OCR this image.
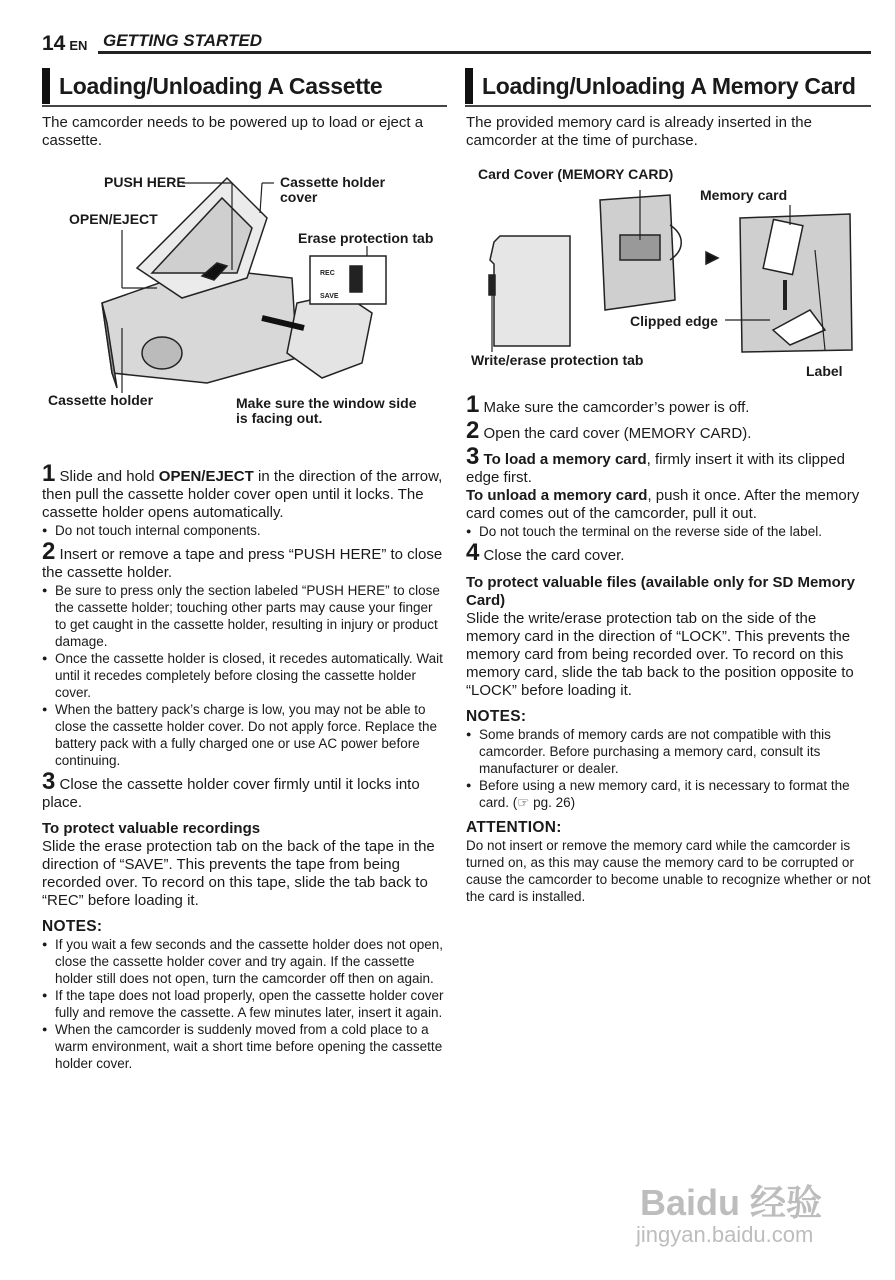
14 EN GETTING STARTED
Loading/Unloading A Cassette
The camcorder needs to be powered up to load or eject a cassette.
REC
SAVE
PUSH HERE
OPEN/EJECT
Cassette holder
cover
Erase protection tab
Cassette holder	Make sure the window side
is facing out.

1 Slide and hold OPEN/EJECT in the direction of the arrow, then pull the cassette holder cover open until it locks. The cassette holder opens automatically.

● Do not touch internal components.

2 Insert or remove a tape and press “PUSH HERE” to close the cassette holder.

● Be sure to press only the section labeled “PUSH HERE” to close the cassette holder; touching other parts may cause your finger to get caught in the cassette holder, resulting in injury or product damage.
● Once the cassette holder is closed, it recedes automatically. Wait until it recedes completely before closing the cassette holder cover.
● When the battery pack’s charge is low, you may not be able to close the cassette holder cover. Do not apply force. Replace the battery pack with a fully charged one or use AC power before continuing.

3 Close the cassette holder cover firmly until it locks into place.

To protect valuable recordings

Slide the erase protection tab on the back of the tape in the direction of “SAVE”. This prevents the tape from being recorded over. To record on this tape, slide the tab back to “REC” before loading it.

NOTES:

● If you wait a few seconds and the cassette holder does not open, close the cassette holder cover and try again. If the cassette holder still does not open, turn the camcorder off then on again.
● If the tape does not load properly, open the cassette holder cover fully and remove the cassette. A few minutes later, insert it again.
● When the camcorder is suddenly moved from a cold place to a warm environment, wait a short time before opening the cassette holder cover.
Loading/Unloading A Memory Card
The provided memory card is already inserted in the camcorder at the time of purchase.
Card Cover (MEMORY CARD)
Memory card
Clipped edge
Write/erase protection tab
Label

1 Make sure the camcorder’s power is off.

2 Open the card cover (MEMORY CARD).

3 To load a memory card, firmly insert it with its clipped edge first.

To unload a memory card, push it once. After the memory card comes out of the camcorder, pull it out.

● Do not touch the terminal on the reverse side of the label.

4 Close the card cover.

To protect valuable files (available only for SD Memory Card)

Slide the write/erase protection tab on the side of the memory card in the direction of “LOCK”. This prevents the memory card from being recorded over. To record on this memory card, slide the tab back to the position opposite to “LOCK” before loading it.

NOTES:

● Some brands of memory cards are not compatible with this camcorder. Before purchasing a memory card, consult its manufacturer or dealer.
● Before using a new memory card, it is necessary to format the card. (☞ pg. 26)

ATTENTION:

Do not insert or remove the memory card while the camcorder is turned on, as this may cause the memory card to be corrupted or cause the camcorder to become unable to recognize whether or not the card is installed.
Baidu 经验
jingyan.baidu.com
